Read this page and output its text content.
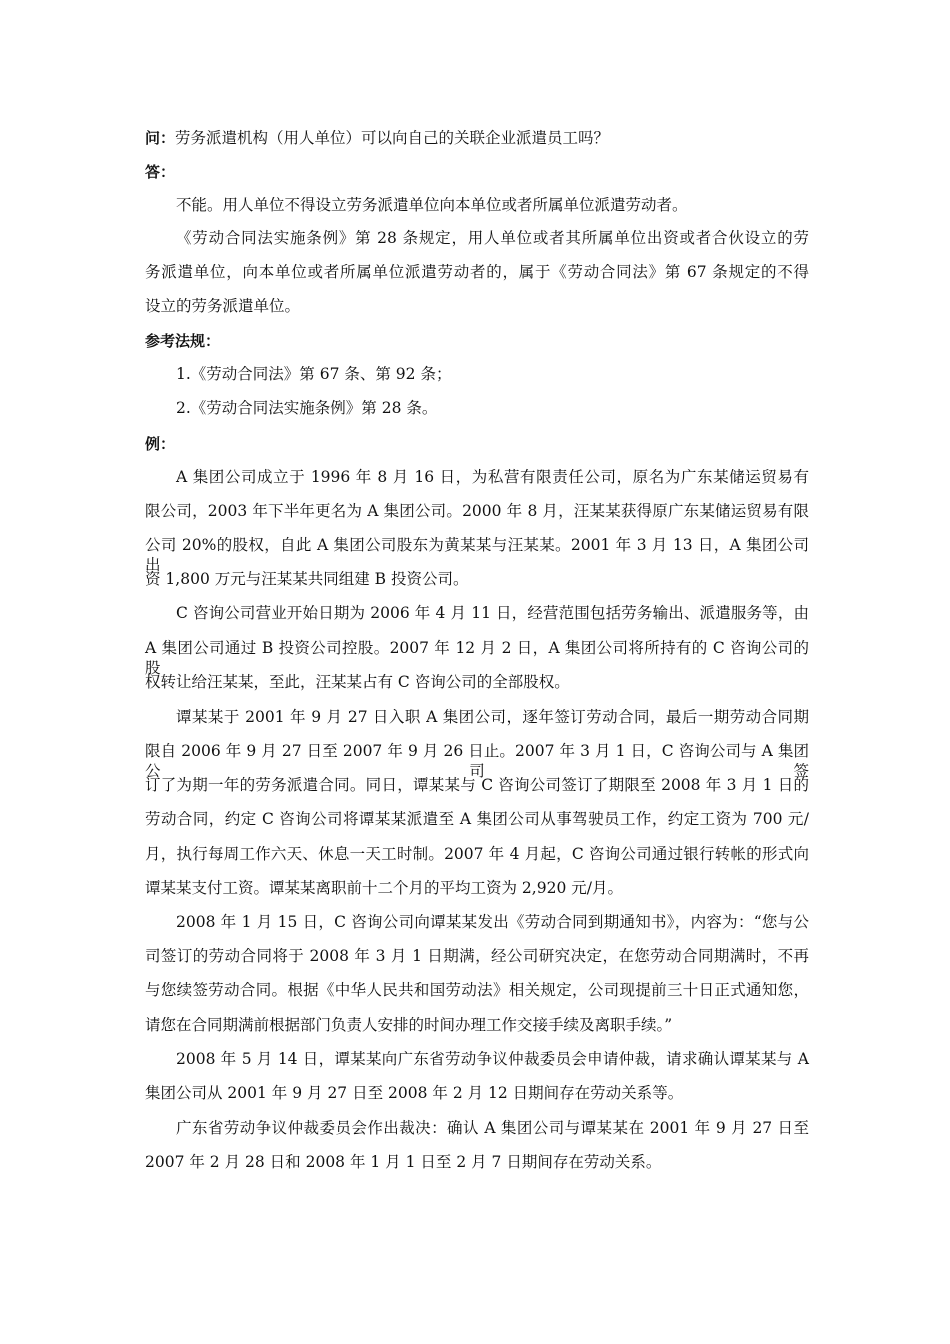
问：劳务派遣机构（用人单位）可以向自己的关联企业派遣员工吗？
答：
不能。用人单位不得设立劳务派遣单位向本单位或者所属单位派遣劳动者。
《劳动合同法实施条例》第 28 条规定，用人单位或者其所属单位出资或者合伙设立的劳
务派遣单位，向本单位或者所属单位派遣劳动者的，属于《劳动合同法》第 67 条规定的不得
设立的劳务派遣单位。
参考法规：
1.《劳动合同法》第 67 条、第 92 条；
2.《劳动合同法实施条例》第 28 条。
例：
A 集团公司成立于 1996 年 8 月 16 日，为私营有限责任公司，原名为广东某储运贸易有
限公司，2003 年下半年更名为 A 集团公司。2000 年 8 月，汪某某获得原广东某储运贸易有限
公司 20%的股权，自此 A 集团公司股东为黄某某与汪某某。2001 年 3 月 13 日，A 集团公司出
资 1,800 万元与汪某某共同组建 B 投资公司。
C 咨询公司营业开始日期为 2006 年 4 月 11 日，经营范围包括劳务输出、派遣服务等，由
A 集团公司通过 B 投资公司控股。2007 年 12 月 2 日，A 集团公司将所持有的 C 咨询公司的股
权转让给汪某某，至此，汪某某占有 C 咨询公司的全部股权。
谭某某于 2001 年 9 月 27 日入职 A 集团公司，逐年签订劳动合同，最后一期劳动合同期
限自 2006 年 9 月 27 日至 2007 年 9 月 26 日止。2007 年 3 月 1 日，C 咨询公司与 A 集团公司签
订了为期一年的劳务派遣合同。同日，谭某某与 C 咨询公司签订了期限至 2008 年 3 月 1 日的
劳动合同，约定 C 咨询公司将谭某某派遣至 A 集团公司从事驾驶员工作，约定工资为 700 元/
月，执行每周工作六天、休息一天工时制。2007 年 4 月起，C 咨询公司通过银行转帐的形式向
谭某某支付工资。谭某某离职前十二个月的平均工资为 2,920 元/月。
2008 年 1 月 15 日，C 咨询公司向谭某某发出《劳动合同到期通知书》，内容为：“您与公
司签订的劳动合同将于 2008 年 3 月 1 日期满，经公司研究决定，在您劳动合同期满时，不再
与您续签劳动合同。根据《中华人民共和国劳动法》相关规定，公司现提前三十日正式通知您，
请您在合同期满前根据部门负责人安排的时间办理工作交接手续及离职手续。”
2008 年 5 月 14 日，谭某某向广东省劳动争议仲裁委员会申请仲裁，请求确认谭某某与 A
集团公司从 2001 年 9 月 27 日至 2008 年 2 月 12 日期间存在劳动关系等。
广东省劳动争议仲裁委员会作出裁决：确认 A 集团公司与谭某某在 2001 年 9 月 27 日至
2007 年 2 月 28 日和 2008 年 1 月 1 日至 2 月 7 日期间存在劳动关系。
